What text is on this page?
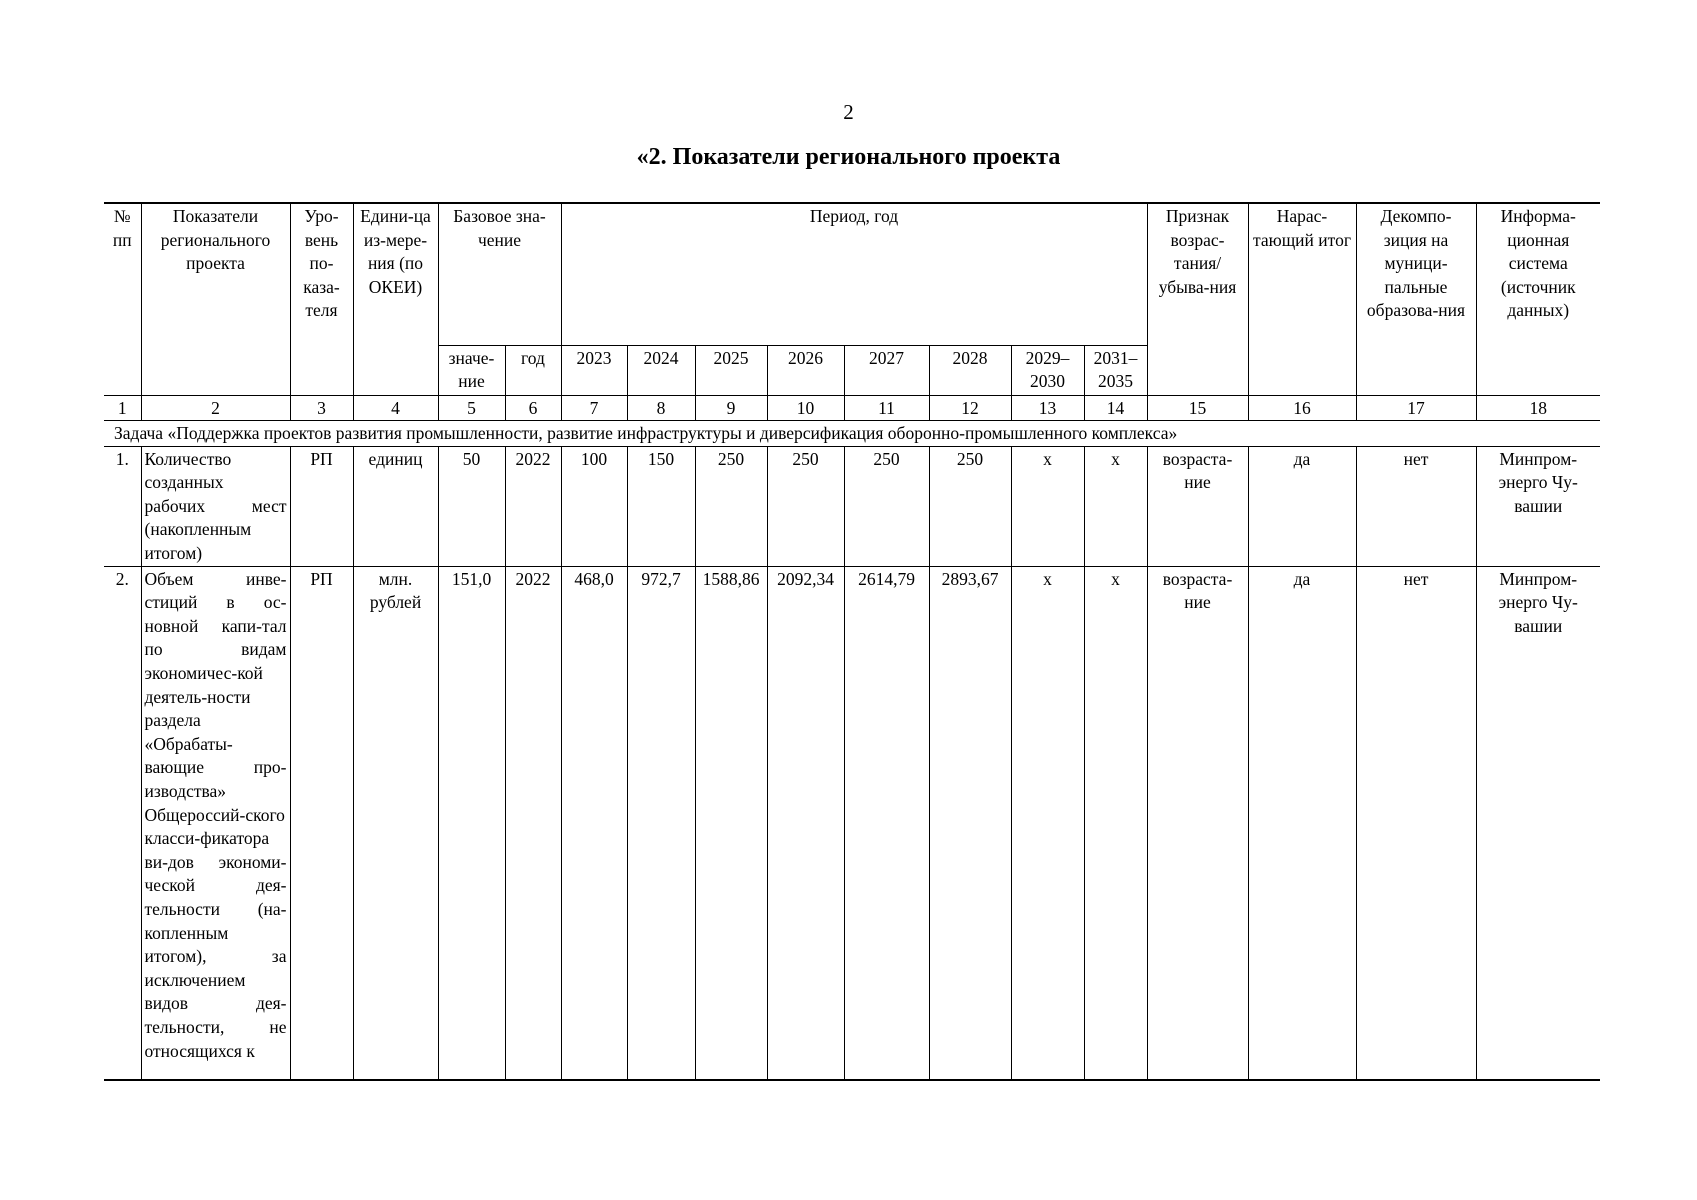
2
«2. Показатели регионального проекта
№ пп	Показатели регионального проекта	Уро-вень по-каза-теля	Едини-ца из-мере-ния (по ОКЕИ)	Базовое зна-чение		Период, год								Признак возрас-тания/ убыва-ния	Нарас-тающий итог	Декомпо-зиция на муници-пальные образова-ния	Информа-ционная система (источник данных)
				значе-ние	год	2023	2024	2025	2026	2027	2028	2029–2030	2031–2035				
1	2	3	4	5	6	7	8	9	10	11	12	13	14	15	16	17	18
Задача «Поддержка проектов развития промышленности, развитие инфраструктуры и диверсификация оборонно-промышленного комплекса»																	
1.	Количество созданных рабочих мест (накопленным итогом)	РП	единиц	50	2022	100	150	250	250	250	250	х	х	возраста-ние	да	нет	Минпром-энерго Чу-вашии
2.	Объем инве-стиций в ос-новной капи-тал по видам экономичес-кой деятель-ности раздела «Обрабаты-вающие про-изводства» Общероссий-ского класси-фикатора ви-дов экономи-ческой дея-тельности (на-копленным итогом), за исключением видов дея-тельности, не относящихся к	РП	млн. рублей	151,0	2022	468,0	972,7	1588,86	2092,34	2614,79	2893,67	х	х	возраста-ние	да	нет	Минпром-энерго Чу-вашии
